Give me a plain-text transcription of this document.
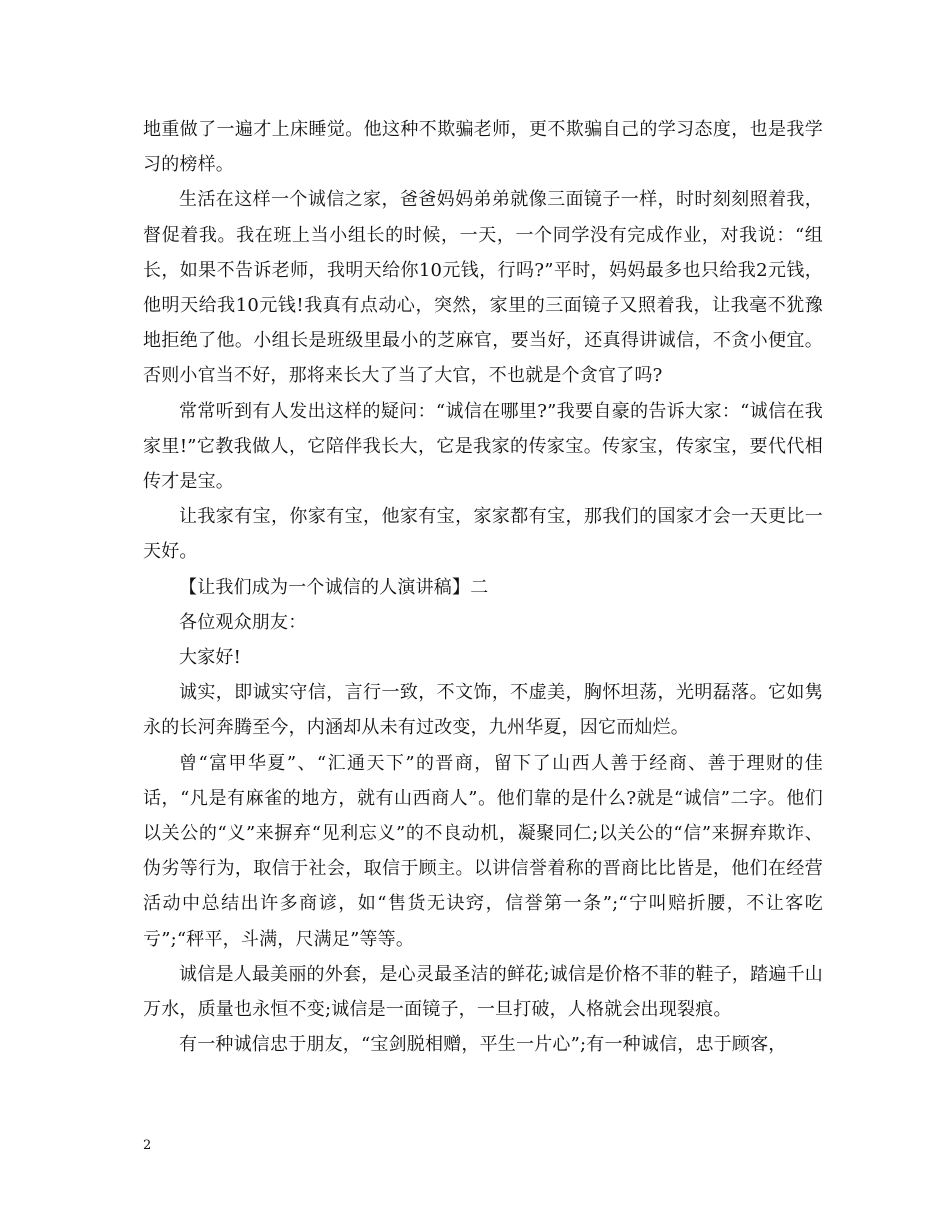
地重做了一遍才上床睡觉。他这种不欺骗老师，更不欺骗自己的学习态度，也是我学习的榜样。

生活在这样一个诚信之家，爸爸妈妈弟弟就像三面镜子一样，时时刻刻照着我，督促着我。我在班上当小组长的时候，一天，一个同学没有完成作业，对我说：“组长，如果不告诉老师，我明天给你10元钱，行吗?”平时，妈妈最多也只给我2元钱，他明天给我10元钱!我真有点动心，突然，家里的三面镜子又照着我，让我毫不犹豫地拒绝了他。小组长是班级里最小的芝麻官，要当好，还真得讲诚信，不贪小便宜。否则小官当不好，那将来长大了当了大官，不也就是个贪官了吗?

常常听到有人发出这样的疑问：“诚信在哪里?”我要自豪的告诉大家：“诚信在我家里!”它教我做人，它陪伴我长大，它是我家的传家宝。传家宝，传家宝，要代代相传才是宝。

让我家有宝，你家有宝，他家有宝，家家都有宝，那我们的国家才会一天更比一天好。

【让我们成为一个诚信的人演讲稿】二

各位观众朋友：

大家好!

诚实，即诚实守信，言行一致，不文饰，不虚美，胸怀坦荡，光明磊落。它如隽永的长河奔腾至今，内涵却从未有过改变，九州华夏，因它而灿烂。

曾“富甲华夏”、“汇通天下”的晋商，留下了山西人善于经商、善于理财的佳话，“凡是有麻雀的地方，就有山西商人”。他们靠的是什么?就是“诚信”二字。他们以关公的“义”来摒弃“见利忘义”的不良动机，凝聚同仁;以关公的“信”来摒弃欺诈、伪劣等行为，取信于社会，取信于顾主。以讲信誉着称的晋商比比皆是，他们在经营活动中总结出许多商谚，如“售货无诀窍，信誉第一条”;“宁叫赔折腰，不让客吃亏”;“秤平，斗满，尺满足”等等。

诚信是人最美丽的外套，是心灵最圣洁的鲜花;诚信是价格不菲的鞋子，踏遍千山万水，质量也永恒不变;诚信是一面镜子，一旦打破，人格就会出现裂痕。

有一种诚信忠于朋友，“宝剑脱相赠，平生一片心”;有一种诚信，忠于顾客，

2
